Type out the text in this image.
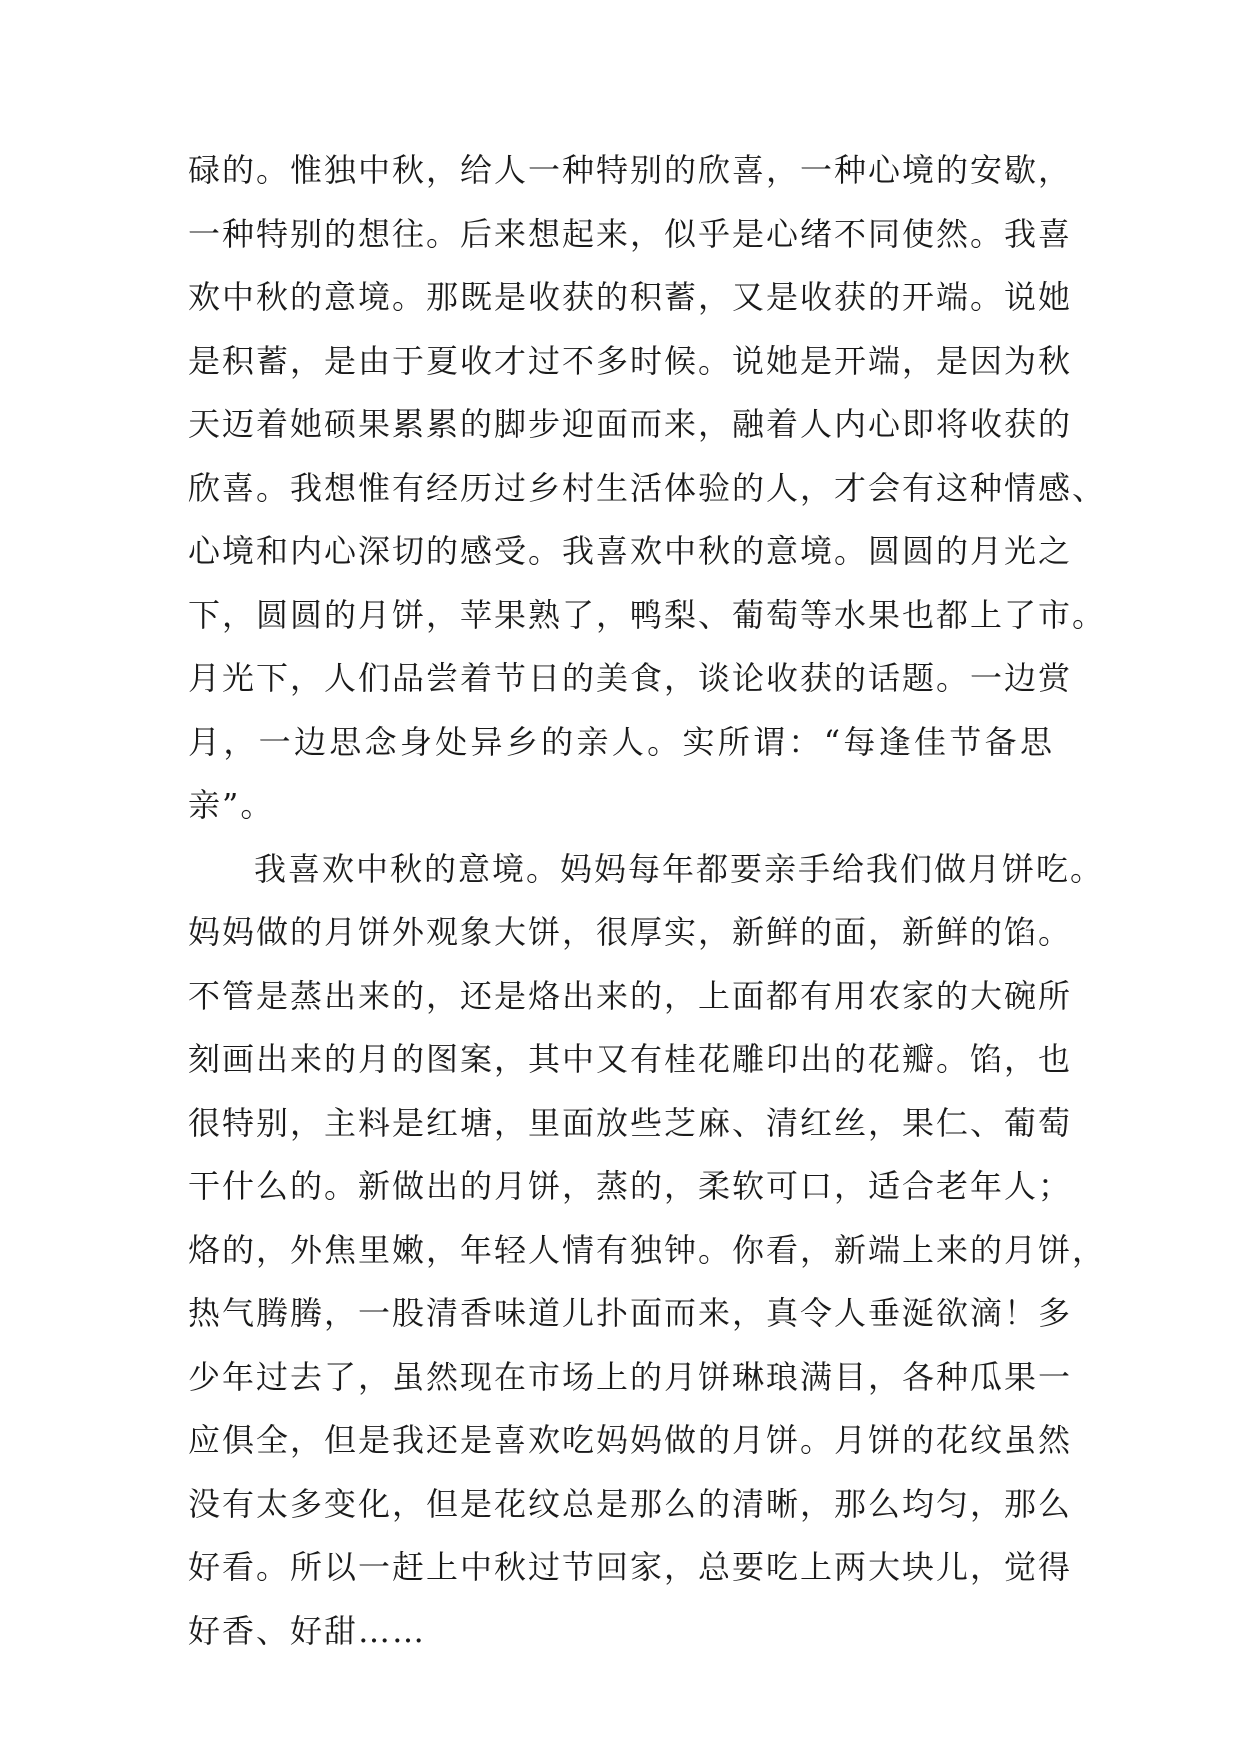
碌的。惟独中秋，给人一种特别的欣喜，一种心境的安歇，
一种特别的想往。后来想起来，似乎是心绪不同使然。我喜
欢中秋的意境。那既是收获的积蓄，又是收获的开端。说她
是积蓄，是由于夏收才过不多时候。说她是开端，是因为秋
天迈着她硕果累累的脚步迎面而来，融着人内心即将收获的
欣喜。我想惟有经历过乡村生活体验的人，才会有这种情感、
心境和内心深切的感受。我喜欢中秋的意境。圆圆的月光之
下，圆圆的月饼，苹果熟了，鸭梨、葡萄等水果也都上了市。
月光下，人们品尝着节日的美食，谈论收获的话题。一边赏
月，一边思念身处异乡的亲人。实所谓：“每逢佳节备思
亲”。
我喜欢中秋的意境。妈妈每年都要亲手给我们做月饼吃。
妈妈做的月饼外观象大饼，很厚实，新鲜的面，新鲜的馅。
不管是蒸出来的，还是烙出来的，上面都有用农家的大碗所
刻画出来的月的图案，其中又有桂花雕印出的花瓣。馅，也
很特别，主料是红塘，里面放些芝麻、清红丝，果仁、葡萄
干什么的。新做出的月饼，蒸的，柔软可口，适合老年人；
烙的，外焦里嫩，年轻人情有独钟。你看，新端上来的月饼，
热气腾腾，一股清香味道儿扑面而来，真令人垂涎欲滴！多
少年过去了，虽然现在市场上的月饼琳琅满目，各种瓜果一
应俱全，但是我还是喜欢吃妈妈做的月饼。月饼的花纹虽然
没有太多变化，但是花纹总是那么的清晰，那么均匀，那么
好看。所以一赶上中秋过节回家，总要吃上两大块儿，觉得
好香、好甜……
